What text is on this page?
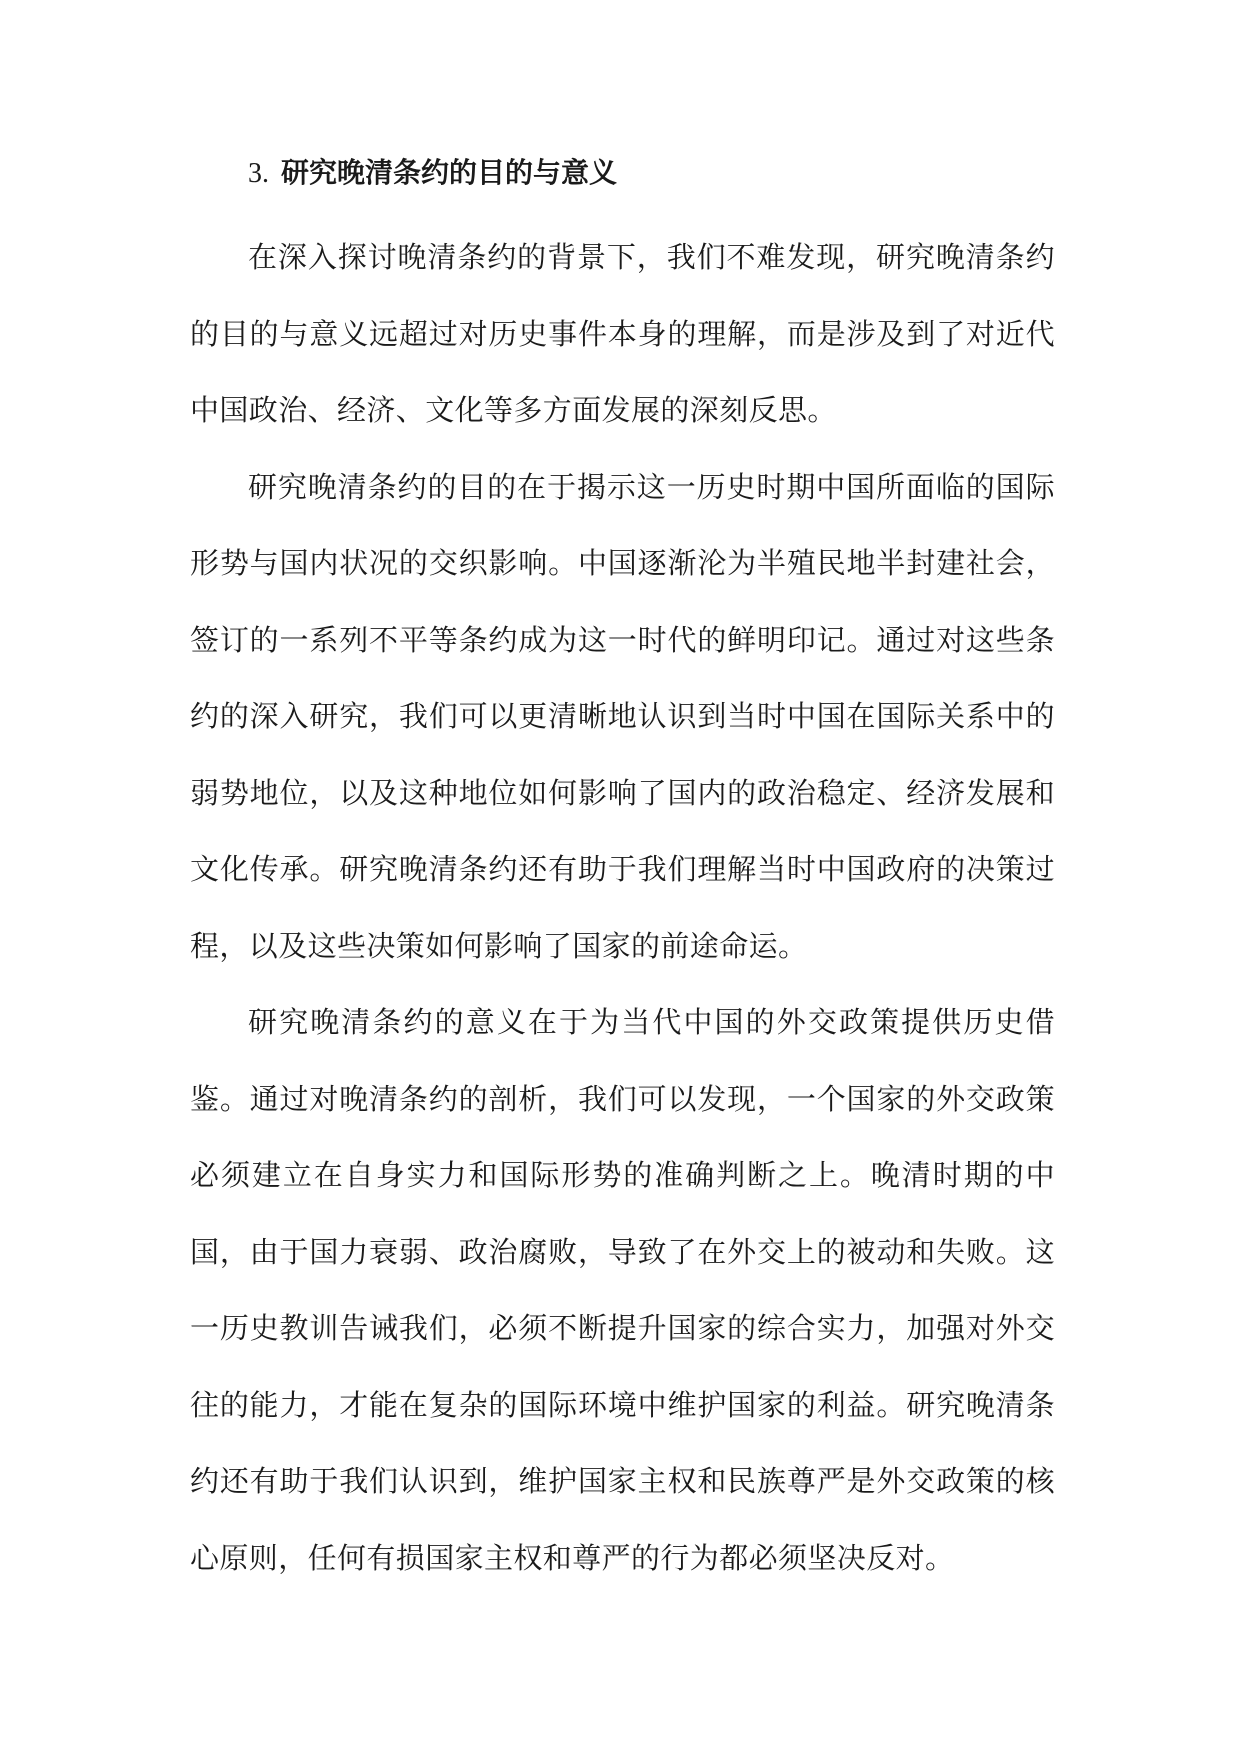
3. 研究晚清条约的目的与意义

在深入探讨晚清条约的背景下，我们不难发现，研究晚清条约的目的与意义远超过对历史事件本身的理解，而是涉及到了对近代中国政治、经济、文化等多方面发展的深刻反思。

研究晚清条约的目的在于揭示这一历史时期中国所面临的国际形势与国内状况的交织影响。中国逐渐沦为半殖民地半封建社会，签订的一系列不平等条约成为这一时代的鲜明印记。通过对这些条约的深入研究，我们可以更清晰地认识到当时中国在国际关系中的弱势地位，以及这种地位如何影响了国内的政治稳定、经济发展和文化传承。研究晚清条约还有助于我们理解当时中国政府的决策过程，以及这些决策如何影响了国家的前途命运。

研究晚清条约的意义在于为当代中国的外交政策提供历史借鉴。通过对晚清条约的剖析，我们可以发现，一个国家的外交政策必须建立在自身实力和国际形势的准确判断之上。晚清时期的中国，由于国力衰弱、政治腐败，导致了在外交上的被动和失败。这一历史教训告诫我们，必须不断提升国家的综合实力，加强对外交往的能力，才能在复杂的国际环境中维护国家的利益。研究晚清条约还有助于我们认识到，维护国家主权和民族尊严是外交政策的核心原则，任何有损国家主权和尊严的行为都必须坚决反对。
